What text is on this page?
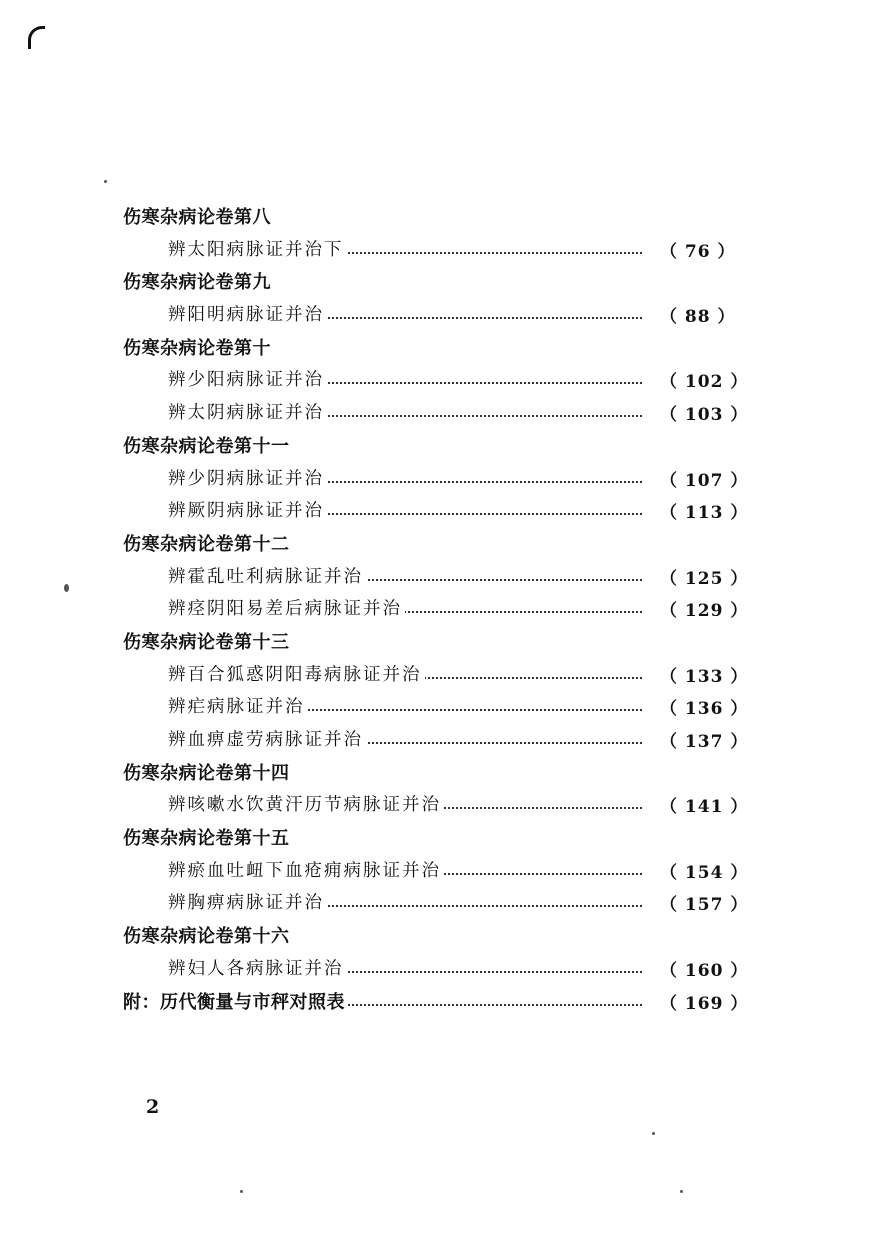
伤寒杂病论卷第八
辨太阳病脉证并治下	（ 76 ）
伤寒杂病论卷第九
辨阳明病脉证并治	（ 88 ）
伤寒杂病论卷第十
辨少阳病脉证并治	（ 102 ）
辨太阴病脉证并治	（ 103 ）
伤寒杂病论卷第十一
辨少阴病脉证并治	（ 107 ）
辨厥阴病脉证并治	（ 113 ）
伤寒杂病论卷第十二
辨霍乱吐利病脉证并治	（ 125 ）
辨痉阴阳易差后病脉证并治	（ 129 ）
伤寒杂病论卷第十三
辨百合狐惑阴阳毒病脉证并治	（ 133 ）
辨疟病脉证并治	（ 136 ）
辨血痹虚劳病脉证并治	（ 137 ）
伤寒杂病论卷第十四
辨咳嗽水饮黄汗历节病脉证并治	（ 141 ）
伤寒杂病论卷第十五
辨瘀血吐衄下血疮痈病脉证并治	（ 154 ）
辨胸痹病脉证并治	（ 157 ）
伤寒杂病论卷第十六
辨妇人各病脉证并治	（ 160 ）
附：历代衡量与市秤对照表	（ 169 ）
2
